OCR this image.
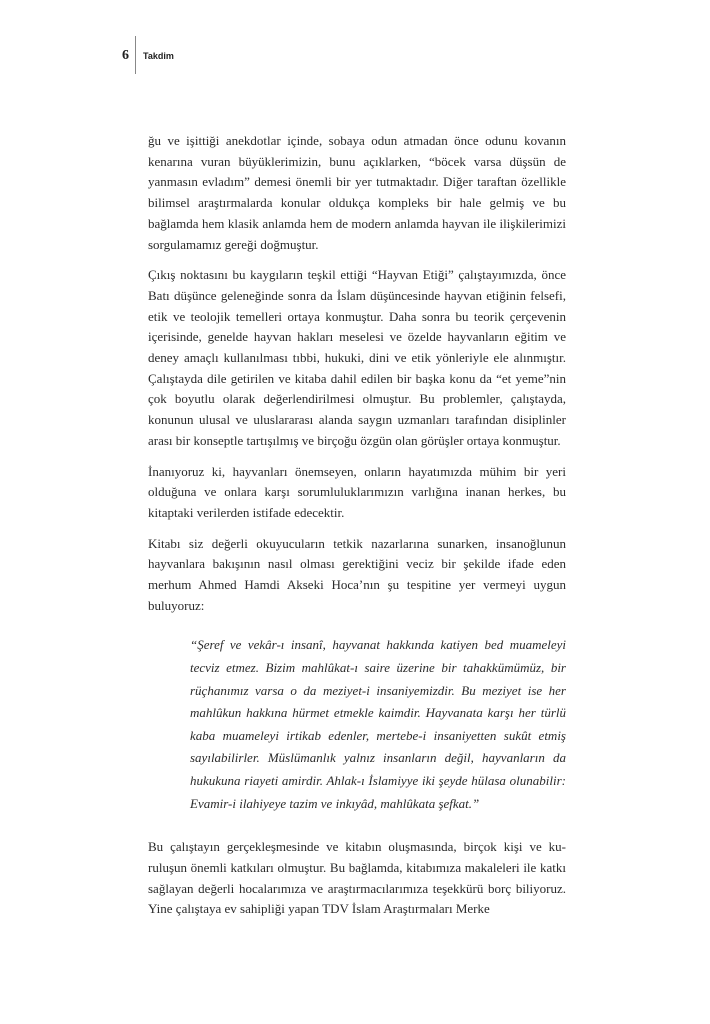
6 Takdim

ğu ve işittiği anekdotlar içinde, sobaya odun atmadan önce odunu kovanın kenarına vuran büyüklerimizin, bunu açıklarken, “böcek varsa düşsün de yanmasın evladım” demesi önemli bir yer tutmaktadır. Diğer taraftan özellikle bilimsel araştırmalarda konular oldukça kompleks bir hale gelmiş ve bu bağlamda hem klasik anlamda hem de modern anlamda hayvan ile ilişkilerimizi sorgulamamız gereği doğmuştur.

Çıkış noktasını bu kaygıların teşkil ettiği “Hayvan Etiği” çalıştayımızda, önce Batı düşünce geleneğinde sonra da İslam düşüncesinde hayvan etiğinin felsefi, etik ve teolojik temelleri ortaya konmuştur. Daha sonra bu teorik çerçevenin içerisinde, genelde hayvan hakları meselesi ve özelde hayvanların eğitim ve deney amaçlı kullanılması tıbbi, hukuki, dini ve etik yönleriyle ele alınmıştır. Çalıştayda dile getirilen ve kitaba dahil edilen bir başka konu da “et yeme”nin çok boyutlu olarak değerlendirilmesi olmuştur. Bu problemler, çalıştayda, konunun ulusal ve uluslararası alanda saygın uzmanları tarafından disiplinler arası bir konseptle tartışılmış ve birçoğu özgün olan görüşler ortaya konmuştur.

İnanıyoruz ki, hayvanları önemseyen, onların hayatımızda mühim bir yeri olduğuna ve onlara karşı sorumluluklarımızın varlığına inanan herkes, bu kitaptaki verilerden istifade edecektir.

Kitabı siz değerli okuyucuların tetkik nazarlarına sunarken, insanoğlunun hayvanlara bakışının nasıl olması gerektiğini veciz bir şekilde ifade eden merhum Ahmed Hamdi Akseki Hoca’nın şu tespitine yer vermeyi uygun buluyoruz:

“Şeref ve vekâr-ı insanî, hayvanat hakkında katiyen bed muameleyi tecviz etmez. Bizim mahlûkat-ı saire üzerine bir tahakkümümüz, bir rüçhanımız varsa o da meziyet-i insaniyemizdir. Bu meziyet ise her mahlûkun hakkına hürmet etmekle kaimdir. Hayvanata karşı her türlü kaba muameleyi irtikab edenler, mertebe-i insaniyetten sukût etmiş sayılabilirler. Müslümanlık yalnız insanların değil, hayvanların da hukukuna riayeti amirdir. Ahlak-ı İslamiyye iki şeyde hülasa olunabilir: Evamir-i ilahiyeye tazim ve inkıyâd, mahlûkata şefkat.”

Bu çalıştayın gerçekleşmesinde ve kitabın oluşmasında, birçok kişi ve kuruluşun önemli katkıları olmuştur. Bu bağlamda, kitabımıza makaleleri ile katkı sağlayan değerli hocalarımıza ve araştırmacılarımıza teşekkürü borç biliyoruz. Yine çalıştaya ev sahipliği yapan TDV İslam Araştırmaları Merke
